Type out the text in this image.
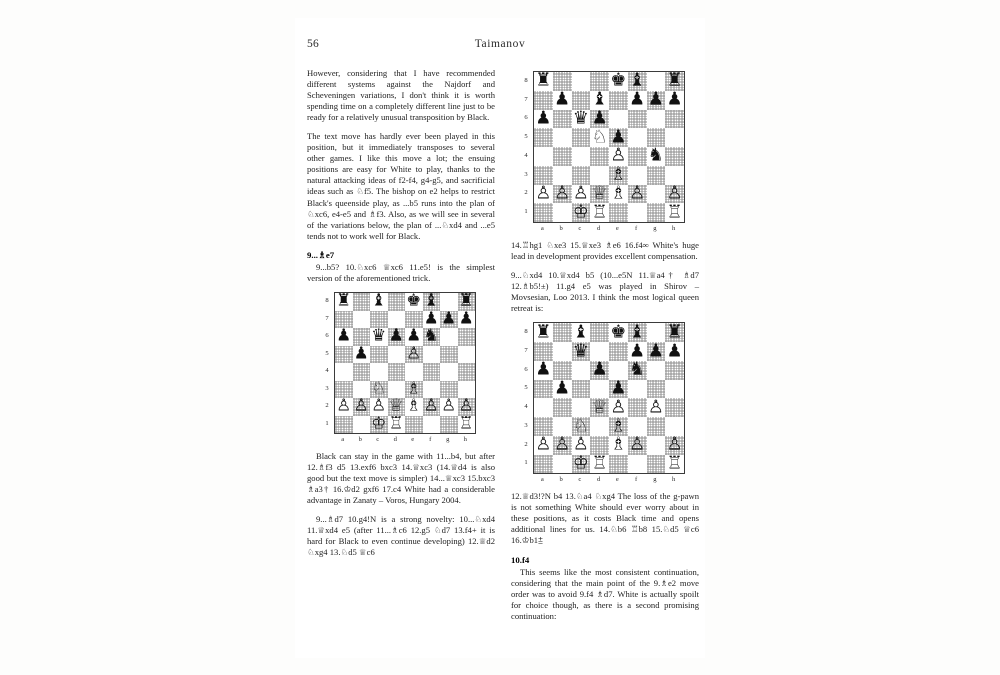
56	Taimanov

However, considering that I have recommended different systems against the Najdorf and Scheveningen variations, I don't think it is worth spending time on a completely different line just to be ready for a relatively unusual transposition by Black.

The text move has hardly ever been played in this position, but it immediately transposes to several other games. I like this move a lot; the ensuing positions are easy for White to play, thanks to the natural attacking ideas of f2-f4, g4-g5, and sacrificial ideas such as ♘f5. The bishop on e2 helps to restrict Black's queenside play, as ...b5 runs into the plan of ♘xc6, e4-e5 and ♗f3. Also, as we will see in several of the variations below, the plan of ...♘xd4 and ...e5 tends not to work well for Black.

9...♗e7

9...b5? 10.♘xc6 ♕xc6 11.e5! is the simplest version of the aforementioned trick.

8
7
6
5
4
3
2
1
♜ ♝ ♚ ♝ ♜
♟ ♟ ♟
♟ ♛ ♟ ♟ ♞
♟ ♙
♘ ♗
♙ ♙ ♙ ♕ ♗ ♙ ♙ ♙
♔ ♖	♖
a	b	c	d	e	f	g	h

Black can stay in the game with 11...b4, but after 12.♗f3 d5 13.exf6 bxc3 14.♕xc3 (14.♕d4 is also good but the text move is simpler) 14...♕xc3 15.bxc3 ♗a3† 16.♔d2 gxf6 17.c4 White had a considerable advantage in Zanaty – Voros, Hungary 2004.

9...♗d7 10.g4!N is a strong novelty: 10...♘xd4 11.♕xd4 e5 (after 11...♗c6 12.g5 ♘d7 13.f4+ it is hard for Black to even continue developing) 12.♕d2 ♘xg4 13.♘d5 ♕c6

8
7
6
5
4
3
2
1
♜	♚ ♝ ♜
♟ ♝ ♟ ♟ ♟
♟ ♛ ♟
♘ ♟
♙ ♞
♗
♙ ♙ ♙ ♕ ♗ ♙ ♙
♔ ♖	♖
a	b	c	d	e	f	g	h

14.♖hg1 ♘xe3 15.♕xe3 ♗e6 16.f4∞ White's huge lead in development provides excellent compensation.

9...♘xd4 10.♕xd4 b5 (10...e5N 11.♕a4† ♗d7 12.♗b5!±) 11.g4 e5 was played in Shirov – Movsesian, Loo 2013. I think the most logical queen retreat is:

8
7
6
5
4
3
2
1
♜ ♝ ♚ ♝ ♜
♛ ♟ ♟ ♟
♟ ♟ ♞
♟ ♟
♕ ♙ ♙
♘ ♗
♙ ♙ ♙ ♗ ♙ ♙
♔ ♖	♖
a	b	c	d	e	f	g	h

12.♕d3!?N b4 13.♘a4 ♘xg4 The loss of the g-pawn is not something White should ever worry about in these positions, as it costs Black time and opens additional lines for us. 14.♘b6 ♖b8 15.♘d5 ♕c6 16.♔b1⩲

10.f4

This seems like the most consistent continuation, considering that the main point of the 9.♗e2 move order was to avoid 9.f4 ♗d7. White is actually spoilt for choice though, as there is a second promising continuation:
